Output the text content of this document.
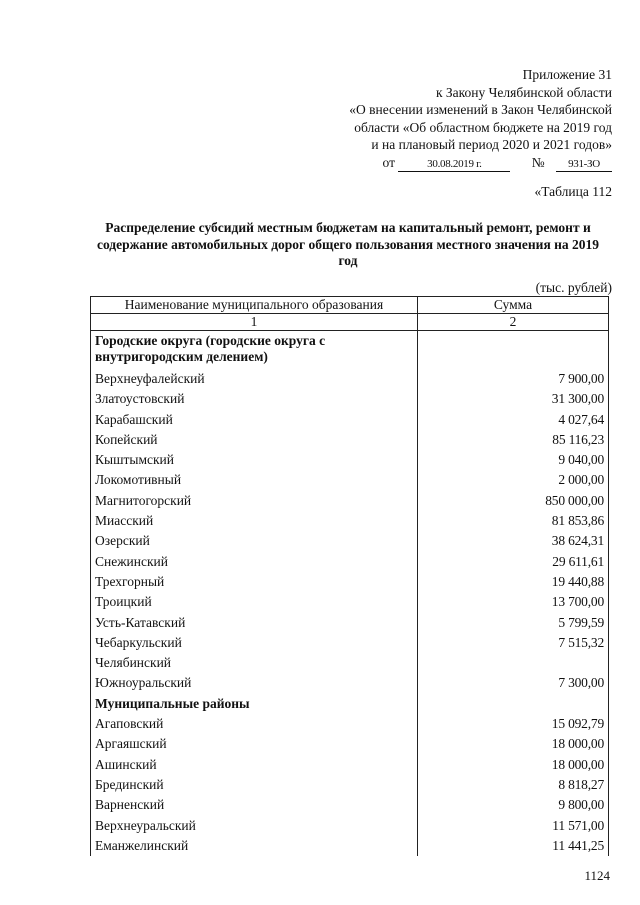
Приложение 31
к Закону Челябинской области
«О внесении изменений в Закон Челябинской
области «Об областном бюджете на 2019 год
и на плановый период 2020 и 2021 годов»
от	30.08.2019 г.	№ 931-ЗО
«Таблица 112
Распределение субсидий местным бюджетам на капитальный ремонт, ремонт и содержание автомобильных дорог общего пользования местного значения на 2019 год
(тыс. рублей)
Наименование муниципального образования	Сумма
1	2
Городские округа (городские округа с внутригородским делением)	
Верхнеуфалейский	7 900,00
Златоустовский	31 300,00
Карабашский	4 027,64
Копейский	85 116,23
Кыштымский	9 040,00
Локомотивный	2 000,00
Магнитогорский	850 000,00
Миасский	81 853,86
Озерский	38 624,31
Снежинский	29 611,61
Трехгорный	19 440,88
Троицкий	13 700,00
Усть-Катавский	5 799,59
Чебаркульский	7 515,32
Челябинский	
Южноуральский	7 300,00
Муниципальные районы	
Агаповский	15 092,79
Аргаяшский	18 000,00
Ашинский	18 000,00
Брединский	8 818,27
Варненский	9 800,00
Верхнеуральский	11 571,00
Еманжелинский	11 441,25
1124
